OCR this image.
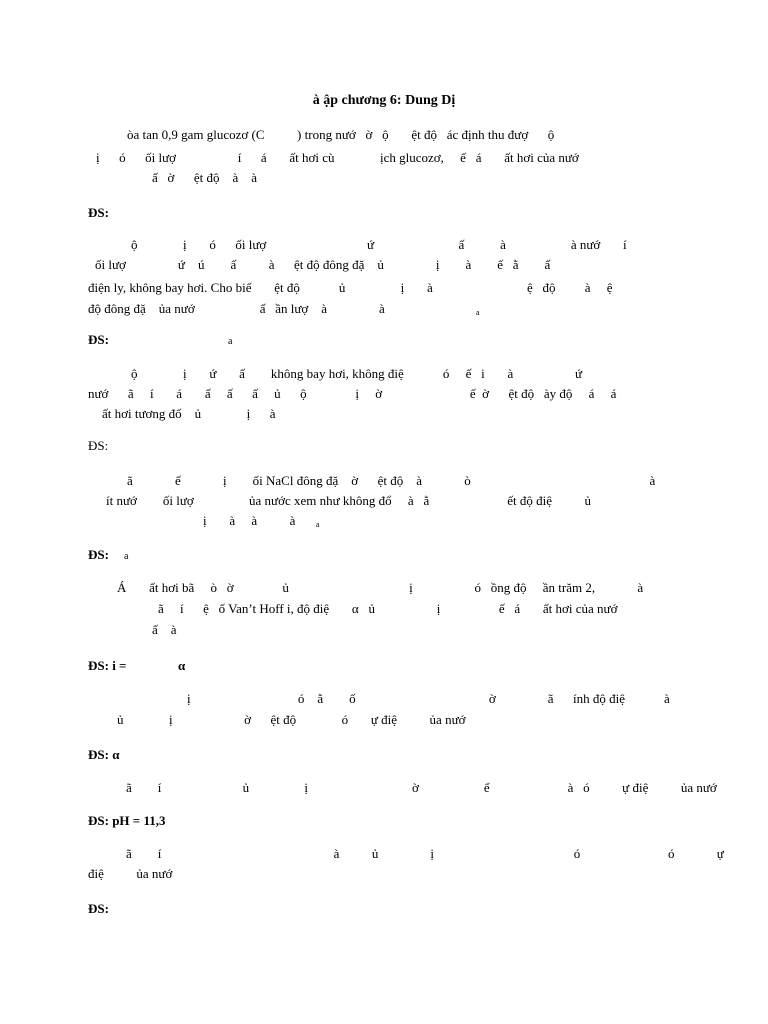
à ập chương 6: Dung Dị
òa tan 0,9 gam glucozơ (C          ) trong nướ   ờ   ộ       ệt độ   ác định thu đượ      ộ
ị      ó      ối lượ                   í      á       ất hơi cù              ịch glucozơ,     ế   á       ất hơi của nướ
ấ   ờ      ệt độ    à    à
ĐS:
ộ              ị       ó      ối lượ                               ứ                          ấ           à                    à nướ       í
ối lượ                ứ    ú        ấ          à      ệt độ đông đặ    ủ                ị        à        ế   ằ        ấ
điện ly, không bay hơi. Cho biế       ệt độ            ủ                 ị       à                             ệ   độ         à     ệ
độ đông đặ    ủa nướ                    ấ   ần lượ    à                à	a
ĐS:	a
ộ              ị       ứ       ấ        không bay hơi, không điệ            ó     ế   i       à                   ứ
nướ      ã     í       á       ấ     ấ      ấ     ủ      ộ               ị     ờ                           ế  ờ      ệt độ   ày độ     á     á
ất hơi tương đố    ủ              ị      à
ĐS:
ã             ế             ị        ối NaCl đông đặ    ờ      ệt độ    à             ò                                                       à
ít nướ        ối lượ                 ủa nước xem như không đổ     à   ằ                        ết độ điệ          ủ
ị       à     à          à	a
ĐS: a
Á       ất hơi bã     ò   ờ               ủ                                     ị                   ó   ồng độ     ần trăm 2,             à
ã     í      ệ   ố Van’t Hoff i, độ điệ       α   ủ                   ị                  ế   á       ất hơi của nướ
ấ    à
ĐS: i =	α
ị                                 ó    ằ        ố                                         ờ                ã      ính độ điệ            à
ủ              ị                      ờ      ệt độ              ó       ự điệ          ủa nướ
ĐS: α
ã        í                         ủ                 ị                                ờ                    ế                        à   ó          ự điệ          ủa nướ
ĐS: pH = 11,3
ã        í                                                     à          ủ                ị                                           ó                           ó             ự
điệ          ủa nướ
ĐS:
